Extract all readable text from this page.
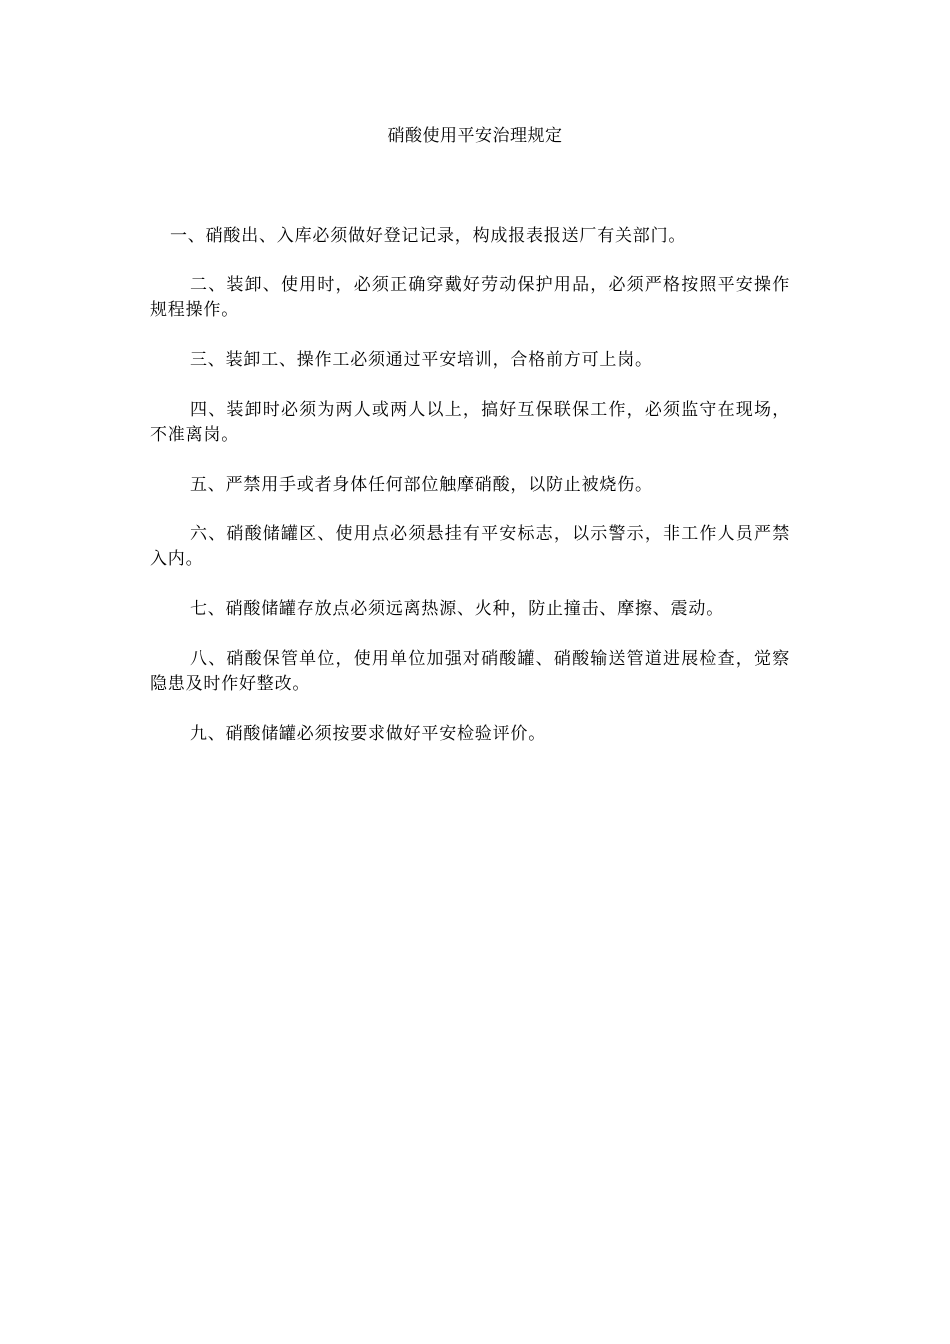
硝酸使用平安治理规定

一、硝酸出、入库必须做好登记记录，构成报表报送厂有关部门。

二、装卸、使用时，必须正确穿戴好劳动保护用品，必须严格按照平安操作规程操作。

三、装卸工、操作工必须通过平安培训，合格前方可上岗。

四、装卸时必须为两人或两人以上，搞好互保联保工作，必须监守在现场，不准离岗。

五、严禁用手或者身体任何部位触摩硝酸，以防止被烧伤。

六、硝酸储罐区、使用点必须悬挂有平安标志，以示警示，非工作人员严禁入内。

七、硝酸储罐存放点必须远离热源、火种，防止撞击、摩擦、震动。

八、硝酸保管单位，使用单位加强对硝酸罐、硝酸输送管道进展检查，觉察隐患及时作好整改。

九、硝酸储罐必须按要求做好平安检验评价。
